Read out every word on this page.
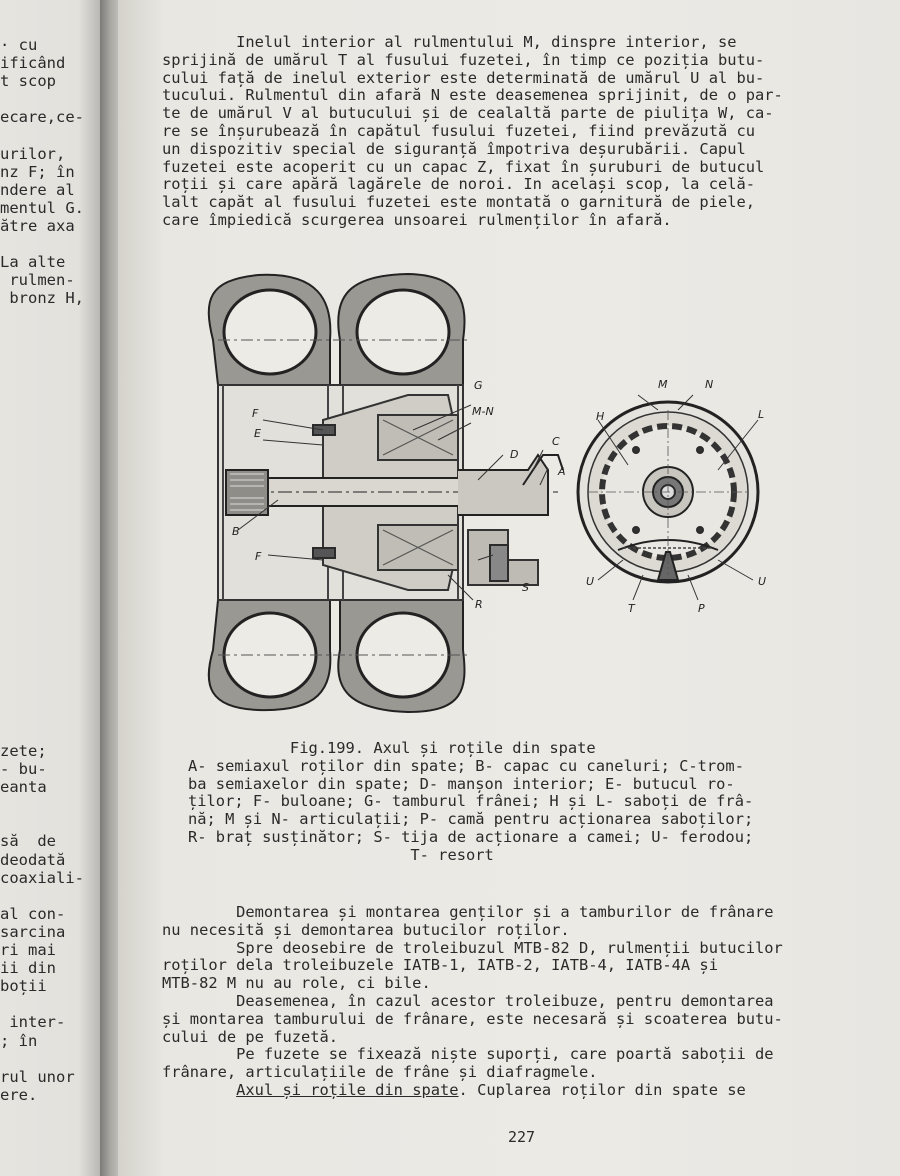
· cu
ificând
t scop
ecare,ce-
urilor,
nz F; în
ndere al
mentul G.
ătre axa
La alte
rulmen-
bronz H,
zete;
- bu-
eanta
să  de
deodată
coaxiali-
al con-
sarcina
ri mai
ii din
boții
inter-
; în
rul unor
ere.
Inelul interior al rulmentului M, dinspre interior, se
sprijină de umărul T al fusului fuzetei, în timp ce poziția butu-
cului față de inelul exterior este determinată de umărul U al bu-
tucului. Rulmentul din afară N este deasemenea sprijinit, de o par-
te de umărul V al butucului și de cealaltă parte de piulița W, ca-
re se înșurubează în capătul fusului fuzetei, fiind prevăzută cu
un dispozitiv special de siguranță împotriva deșurubării. Capul
fuzetei este acoperit cu un capac Z, fixat în șuruburi de butucul
roții și care apără lagărele de noroi. In același scop, la celă-
lalt capăt al fusului fuzetei este montată o garnitură de piele,
care împiedică scurgerea unsoarei rulmenților în afară.
G
M-N
C
D
A
F
E
B
F
R
S
M	N
H	L
U	U
T	P
Fig.199. Axul și roțile din spate
A- semiaxul roților din spate; B- capac cu caneluri; C-trom-
ba semiaxelor din spate; D- manșon interior; E- butucul ro-
ților; F- buloane; G- tamburul frânei; H și L- saboți de frâ-
nă; M și N- articulații; P- camă pentru acționarea saboților;
R- braț susținător; S- tija de acționare a camei; U- ferodou;
T- resort
Demontarea și montarea genților și a tamburilor de frânare
nu necesită și demontarea butucilor roților.
Spre deosebire de troleibuzul MTB-82 D, rulmenții butucilor
roților dela troleibuzele IATB-1, IATB-2, IATB-4, IATB-4A și
MTB-82 M nu au role, ci bile.
Deasemenea, în cazul acestor troleibuze, pentru demontarea
și montarea tamburului de frânare, este necesară și scoaterea butu-
cului de pe fuzetă.
Pe fuzete se fixează niște suporți, care poartă saboții de
frânare, articulațiile de frâne și diafragmele.
Axul și roțile din spate. Cuplarea roților din spate se
227
